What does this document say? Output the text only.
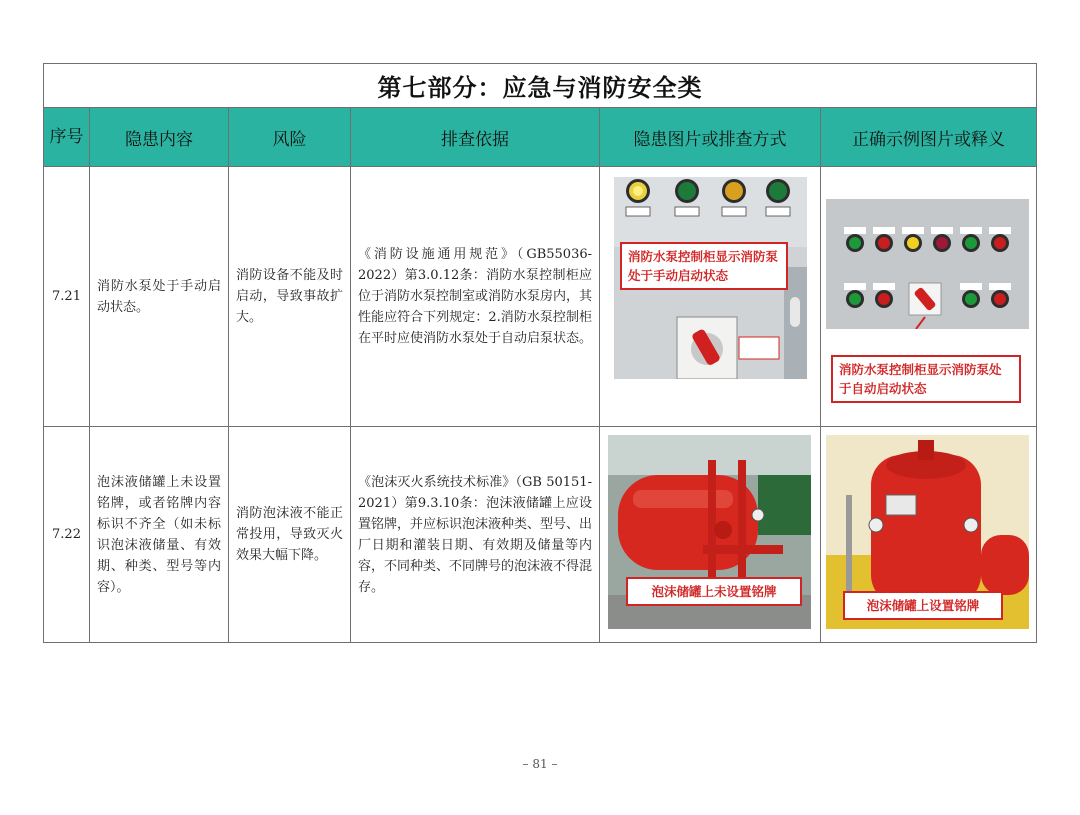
第七部分：应急与消防安全类					
序号	隐患内容	风险	排查依据	隐患图片或排查方式	正确示例图片或释义
7.21	消防水泵处于手动启动状态。	消防设备不能及时启动，导致事故扩大。	《消防设施通用规范》（GB55036-2022）第3.0.12条：消防水泵控制柜应位于消防水泵控制室或消防水泵房内，其性能应符合下列规定：2.消防水泵控制柜在平时应使消防水泵处于自动启泵状态。	消防水泵控制柜显示消防泵处于手动启动状态	消防水泵控制柜显示消防泵处于自动启动状态

7.22	泡沫液储罐上未设置铭牌，或者铭牌内容标识不齐全（如未标识泡沫液储量、有效期、种类、型号等内容）。	消防泡沫液不能正常投用，导致灭火效果大幅下降。	《泡沫灭火系统技术标准》（GB 50151-2021）第9.3.10条：泡沫液储罐上应设置铭牌，并应标识泡沫液种类、型号、出厂日期和灌装日期、有效期及储量等内容，不同种类、不同牌号的泡沫液不得混存。	泡沫储罐上未设置铭牌	泡沫储罐上设置铭牌
– 81 –
